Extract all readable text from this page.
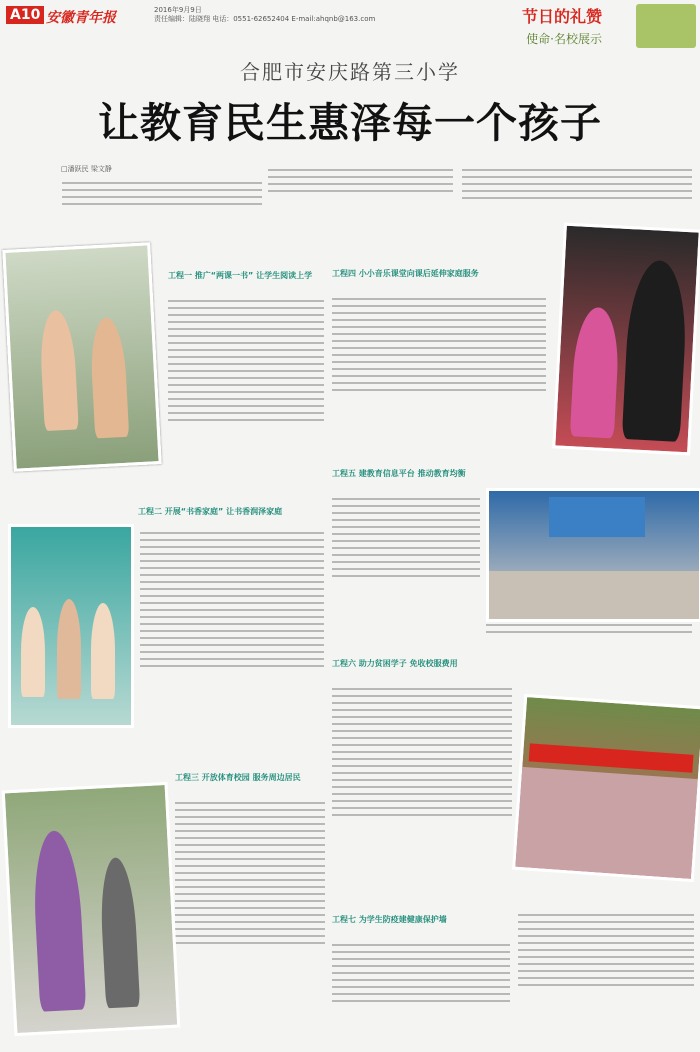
A10 安徽青年报	2016年9月9日
责任编辑：陆晓翔 电话：0551-62652404 E-mail:ahqnb@163.com	节日的礼赞
使命·名校展示
合肥市安庆路第三小学
让教育民生惠泽每一个孩子
□潘跃民 梁文静
工程一 推广“两课一书” 让学生阅读上学
工程二 开展“书香家庭” 让书香润泽家庭
工程三 开放体育校园 服务周边居民
工程四 小小音乐课堂向课后延伸家庭服务
工程五 建教育信息平台 推动教育均衡
工程六 助力贫困学子 免收校服费用
工程七 为学生防疫建健康保护墙
